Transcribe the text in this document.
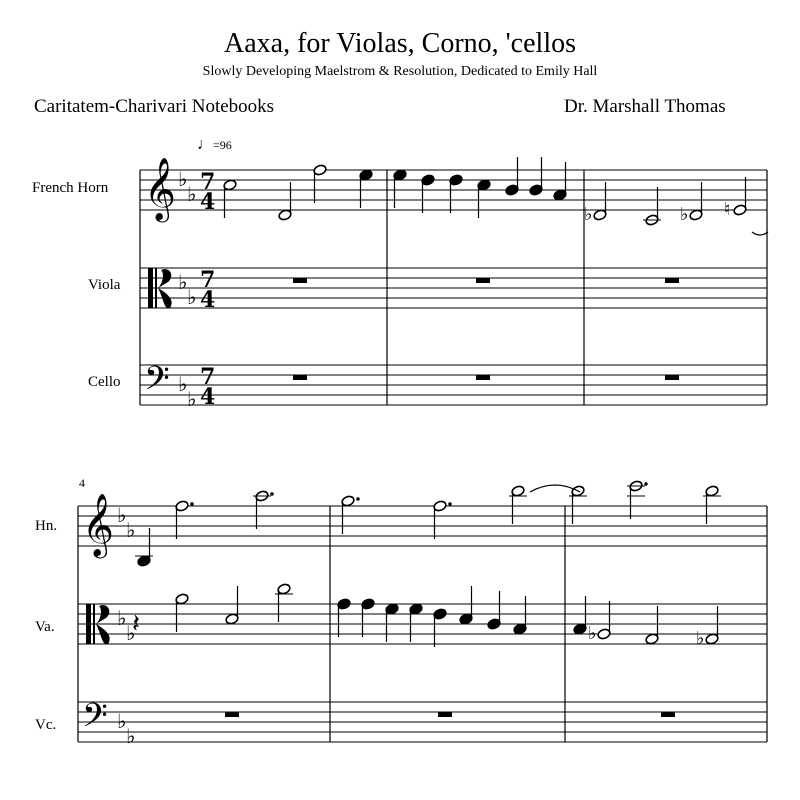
Aaxa, for Violas, Corno, 'cellos
Slowly Developing Maelstrom & Resolution, Dedicated to Emily Hall
Caritatem-Charivari Notebooks	Dr. Marshall Thomas
♩=96
French Horn
Viola
Cello
4
Hn.
Va.
Vc.
𝄞
𝄢
𝄞
𝄢
♭
♭
♭
♭
♭
♭
♭
♭
♭
♭
♭
♭
7
4
7
4
7
4
♭	♭ ♮
♭	♭
𝄽
